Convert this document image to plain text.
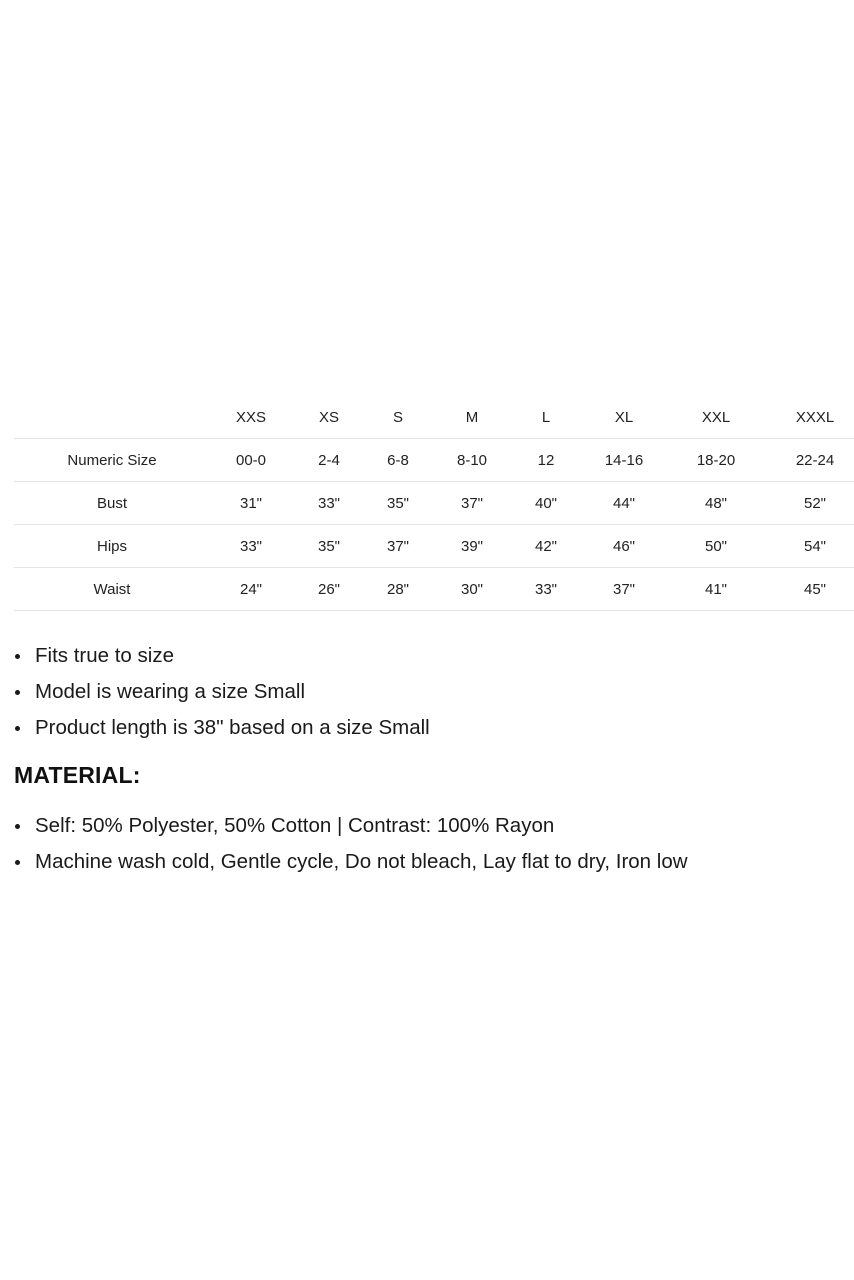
	XXS	XS	S	M	L	XL	XXL	XXXL
Numeric Size	00-0	2-4	6-8	8-10	12	14-16	18-20	22-24
Bust	31"	33"	35"	37"	40"	44"	48"	52"
Hips	33"	35"	37"	39"	42"	46"	50"	54"
Waist	24"	26"	28"	30"	33"	37"	41"	45"
Fits true to size
Model is wearing a size Small
Product length is 38" based on a size Small
MATERIAL:
Self: 50% Polyester, 50% Cotton | Contrast: 100% Rayon
Machine wash cold, Gentle cycle, Do not bleach, Lay flat to dry, Iron low
